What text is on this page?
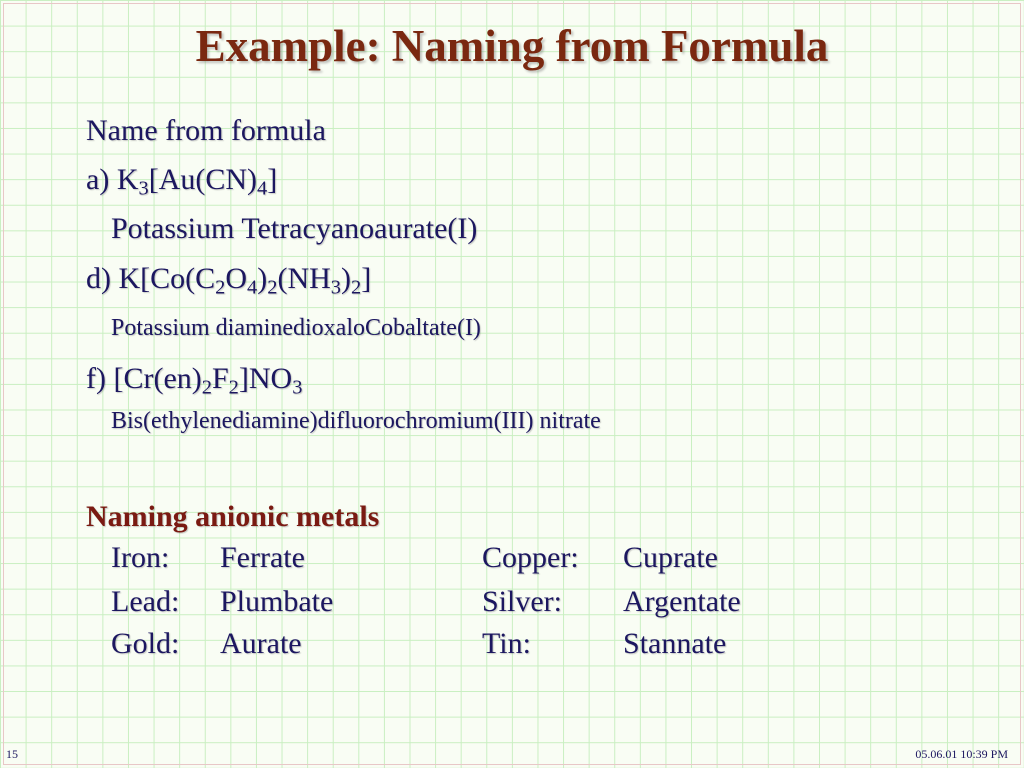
Example: Naming from Formula
Name from formula
a) $K_3[Au(CN)_4]$
Potassium Tetracyanoaurate(I)
d) $K[Co(C_2O_4)_2(NH_3)_2]$
Potassium diaminedioxaloCobaltate(I)
f) $[Cr(en)_2F_2]NO_3$
Bis(ethylenediamine)difluorochromium(III) nitrate
Naming anionic metals
Iron: Ferrate	Copper: Cuprate
Lead: Plumbate	Silver: Argentate
Gold: Aurate	Tin:	Stannate
15	05.06.01 10:39 PM
